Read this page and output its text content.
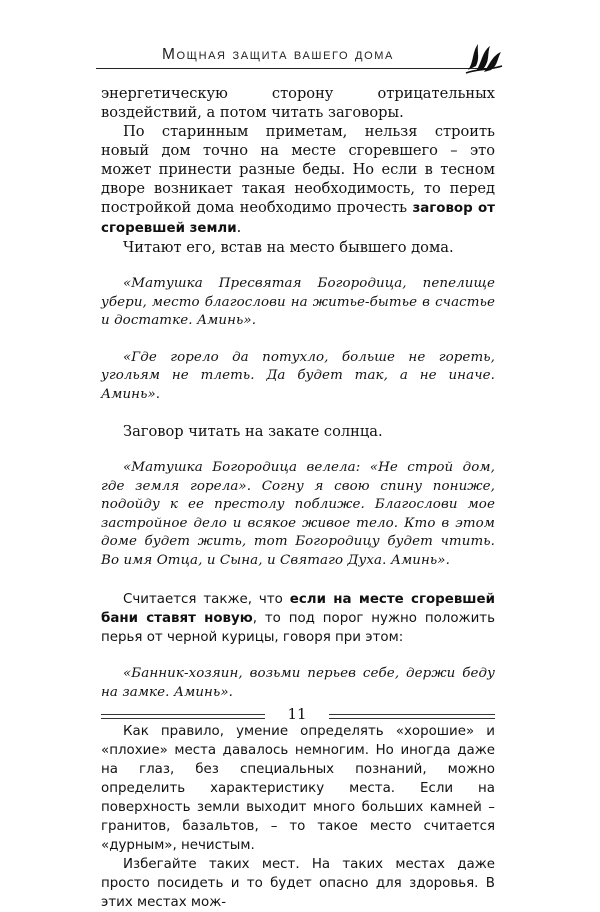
Мощная защита вашего дома

энергетическую сторону отрицательных воздействий, а потом читать заговоры.

По старинным приметам, нельзя строить новый дом точно на месте сгоревшего – это может принести разные беды. Но если в тесном дворе возникает такая необходимость, то перед постройкой дома необходимо прочесть заговор от сгоревшей земли.

Читают его, встав на место бывшего дома.

«Матушка Пресвятая Богородица, пепелище убери, место благослови на житье-бытье в счастье и достатке. Аминь».

«Где горело да потухло, больше не гореть, угольям не тлеть. Да будет так, а не иначе. Аминь».

Заговор читать на закате солнца.

«Матушка Богородица велела: «Не строй дом, где земля горела». Согну я свою спину пониже, подойду к ее престолу поближе. Благослови мое застройное дело и всякое живое тело. Кто в этом доме будет жить, тот Богородицу будет чтить. Во имя Отца, и Сына, и Святаго Духа. Аминь».

Считается также, что если на месте сгоревшей бани ставят новую, то под порог нужно положить перья от черной курицы, говоря при этом:

«Банник-хозяин, возьми перьев себе, держи беду на замке. Аминь».

Как правило, умение определять «хорошие» и «плохие» места давалось немногим. Но иногда даже на глаз, без специальных познаний, можно определить характеристику места. Если на поверхность земли выходит много больших камней – гранитов, базальтов, – то такое место считается «дурным», нечистым.

Избегайте таких мест. На таких местах даже просто посидеть и то будет опасно для здоровья. В этих местах мож-

11
